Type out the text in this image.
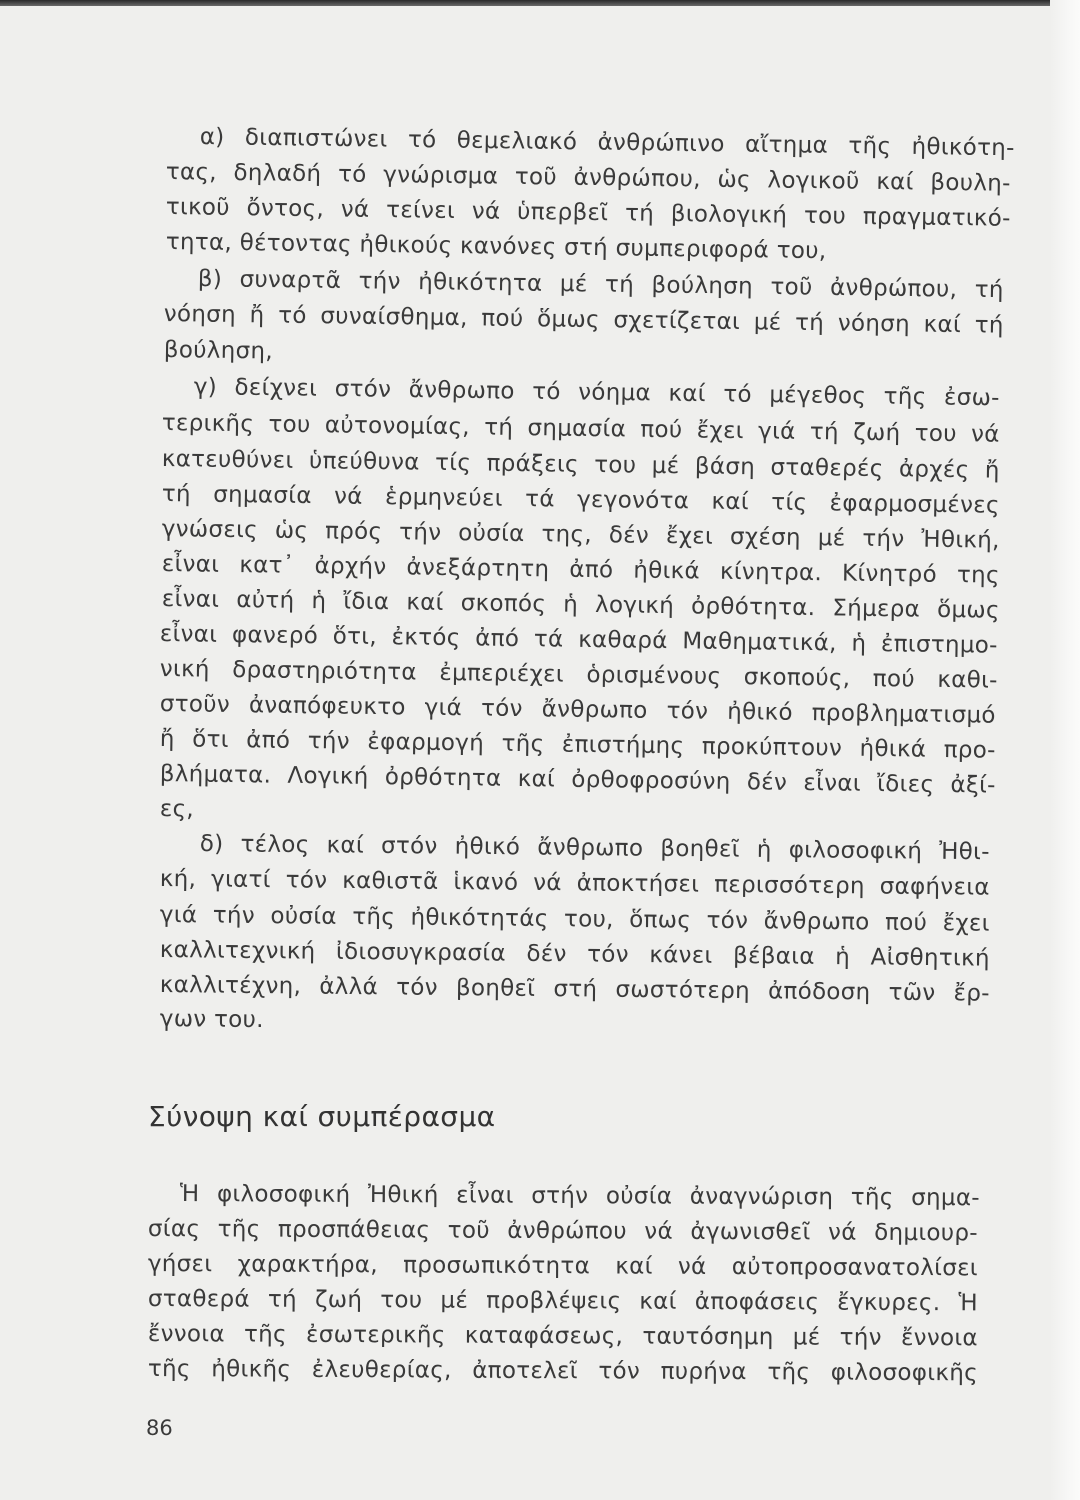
α) διαπιστώνει τό θεμελιακό ἀνθρώπινο αἴτημα τῆς ἠθικότη-

τας, δηλαδή τό γνώρισμα τοῦ ἀνθρώπου, ὡς λογικοῦ καί βουλη-

τικοῦ ὄντος, νά τείνει νά ὑπερβεῖ τή βιολογική του πραγματικό-

τητα, θέτοντας ἠθικούς κανόνες στή συμπεριφορά του,

β) συναρτᾶ τήν ἠθικότητα μέ τή βούληση τοῦ ἀνθρώπου, τή

νόηση ἤ τό συναίσθημα, πού ὅμως σχετίζεται μέ τή νόηση καί τή

βούληση,

γ) δείχνει στόν ἄνθρωπο τό νόημα καί τό μέγεθος τῆς ἐσω-

τερικῆς του αὐτονομίας, τή σημασία πού ἔχει γιά τή ζωή του νά

κατευθύνει ὑπεύθυνα τίς πράξεις του μέ βάση σταθερές ἀρχές ἤ

τή σημασία νά ἑρμηνεύει τά γεγονότα καί τίς ἐφαρμοσμένες

γνώσεις ὡς πρός τήν οὐσία της, δέν ἔχει σχέση μέ τήν Ἠθική,

εἶναι κατ᾽ ἀρχήν ἀνεξάρτητη ἀπό ἠθικά κίνητρα. Κίνητρό της

εἶναι αὐτή ἡ ἴδια καί σκοπός ἡ λογική ὀρθότητα. Σήμερα ὅμως

εἶναι φανερό ὅτι, ἐκτός ἀπό τά καθαρά Μαθηματικά, ἡ ἐπιστημο-

νική δραστηριότητα ἐμπεριέχει ὁρισμένους σκοπούς, πού καθι-

στοῦν ἀναπόφευκτο γιά τόν ἄνθρωπο τόν ἠθικό προβληματισμό

ἤ ὅτι ἀπό τήν ἐφαρμογή τῆς ἐπιστήμης προκύπτουν ἠθικά προ-

βλήματα. Λογική ὀρθότητα καί ὀρθοφροσύνη δέν εἶναι ἴδιες ἀξί-

ες,

δ) τέλος καί στόν ἠθικό ἄνθρωπο βοηθεῖ ἡ φιλοσοφική Ἠθι-

κή, γιατί τόν καθιστᾶ ἱκανό νά ἀποκτήσει περισσότερη σαφήνεια

γιά τήν οὐσία τῆς ἠθικότητάς του, ὅπως τόν ἄνθρωπο πού ἔχει

καλλιτεχνική ἰδιοσυγκρασία δέν τόν κάνει βέβαια ἡ Αἰσθητική

καλλιτέχνη, ἀλλά τόν βοηθεῖ στή σωστότερη ἀπόδοση τῶν ἔρ-

γων του.

Σύνοψη καί συμπέρασμα

Ἡ φιλοσοφική Ἠθική εἶναι στήν οὐσία ἀναγνώριση τῆς σημα-

σίας τῆς προσπάθειας τοῦ ἀνθρώπου νά ἀγωνισθεῖ νά δημιουρ-

γήσει χαρακτήρα, προσωπικότητα καί νά αὐτοπροσανατολίσει

σταθερά τή ζωή του μέ προβλέψεις καί ἀποφάσεις ἔγκυρες. Ἡ

ἔννοια τῆς ἐσωτερικῆς καταφάσεως, ταυτόσημη μέ τήν ἔννοια

τῆς ἠθικῆς ἐλευθερίας, ἀποτελεῖ τόν πυρήνα τῆς φιλοσοφικῆς

86
